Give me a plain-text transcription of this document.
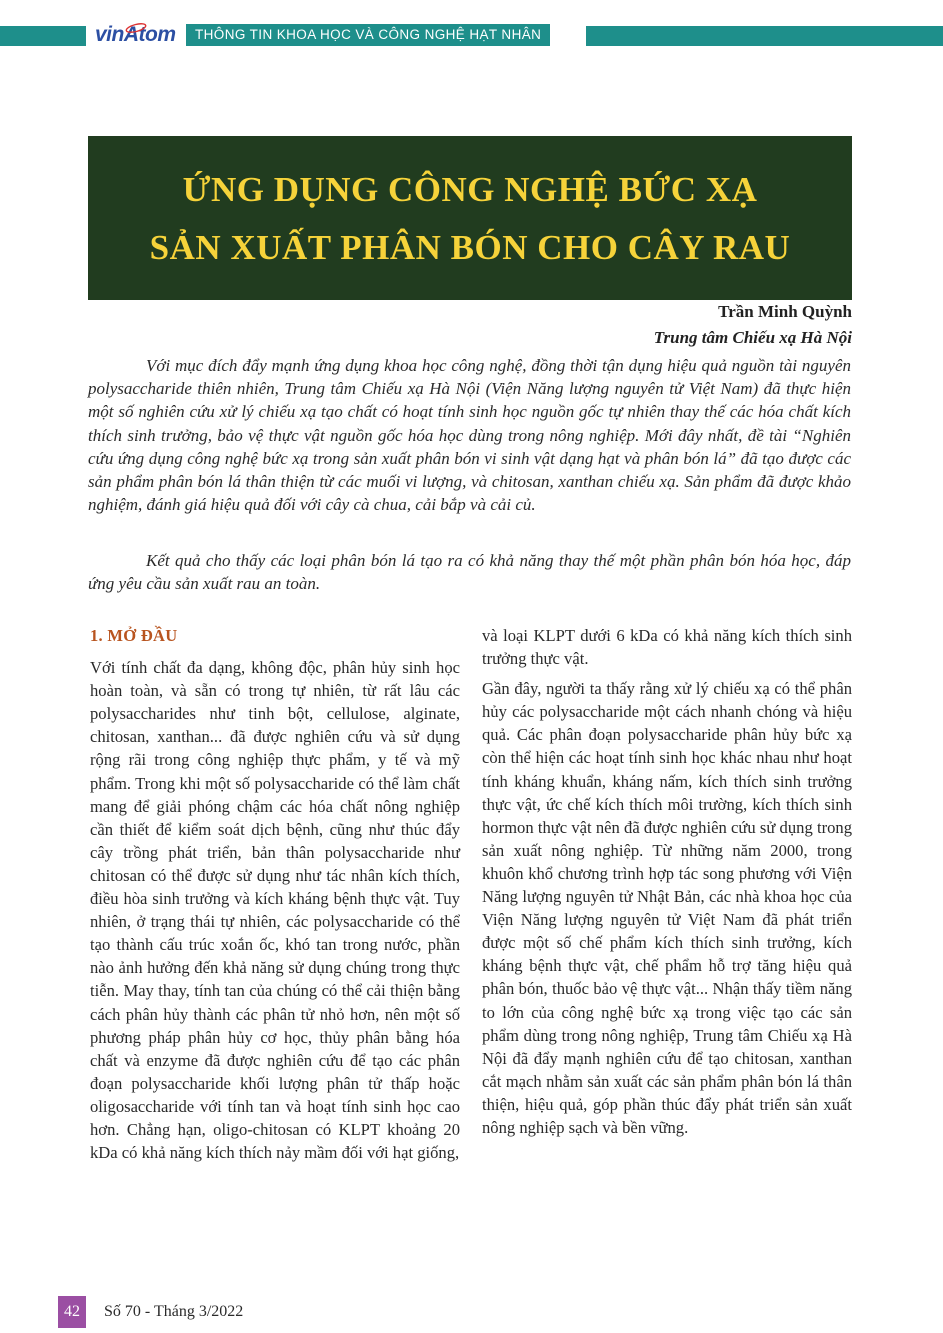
vinAtom	THÔNG TIN KHOA HỌC VÀ CÔNG NGHỆ HẠT NHÂN
ỨNG DỤNG CÔNG NGHỆ BỨC XẠ
SẢN XUẤT PHÂN BÓN CHO CÂY RAU
Trần Minh Quỳnh
Trung tâm Chiếu xạ Hà Nội

Với mục đích đẩy mạnh ứng dụng khoa học công nghệ, đồng thời tận dụng hiệu quả nguồn tài nguyên polysaccharide thiên nhiên, Trung tâm Chiếu xạ Hà Nội (Viện Năng lượng nguyên tử Việt Nam) đã thực hiện một số nghiên cứu xử lý chiếu xạ tạo chất có hoạt tính sinh học nguồn gốc tự nhiên thay thế các hóa chất kích thích sinh trưởng, bảo vệ thực vật nguồn gốc hóa học dùng trong nông nghiệp. Mới đây nhất, đề tài “Nghiên cứu ứng dụng công nghệ bức xạ trong sản xuất phân bón vi sinh vật dạng hạt và phân bón lá” đã tạo được các sản phẩm phân bón lá thân thiện từ các muối vi lượng, và chitosan, xanthan chiếu xạ. Sản phẩm đã được khảo nghiệm, đánh giá hiệu quả đối với cây cà chua, cải bắp và cải củ.

Kết quả cho thấy các loại phân bón lá tạo ra có khả năng thay thế một phần phân bón hóa học, đáp ứng yêu cầu sản xuất rau an toàn.

1. MỞ ĐẦU

Với tính chất đa dạng, không độc, phân hủy sinh học hoàn toàn, và sẵn có trong tự nhiên, từ rất lâu các polysaccharides như tinh bột, cellulose, alginate, chitosan, xanthan... đã được nghiên cứu và sử dụng rộng rãi trong công nghiệp thực phẩm, y tế và mỹ phẩm. Trong khi một số polysaccharide có thể làm chất mang để giải phóng chậm các hóa chất nông nghiệp cần thiết để kiểm soát dịch bệnh, cũng như thúc đẩy cây trồng phát triển, bản thân polysaccharide như chitosan có thể được sử dụng như tác nhân kích thích, điều hòa sinh trưởng và kích kháng bệnh thực vật. Tuy nhiên, ở trạng thái tự nhiên, các polysaccharide có thể tạo thành cấu trúc xoắn ốc, khó tan trong nước, phần nào ảnh hưởng đến khả năng sử dụng chúng trong thực tiễn. May thay, tính tan của chúng có thể cải thiện bằng cách phân hủy thành các phân tử nhỏ hơn, nên một số phương pháp phân hủy cơ học, thủy phân bằng hóa chất và enzyme đã được nghiên cứu để tạo các phân đoạn polysaccharide khối lượng phân tử thấp hoặc oligosaccharide với tính tan và hoạt tính sinh học cao hơn. Chẳng hạn, oligo-chitosan có KLPT khoảng 20 kDa có khả năng kích thích nảy mầm đối với hạt giống,

và loại KLPT dưới 6 kDa có khả năng kích thích sinh trưởng thực vật.

Gần đây, người ta thấy rằng xử lý chiếu xạ có thể phân hủy các polysaccharide một cách nhanh chóng và hiệu quả. Các phân đoạn polysaccharide phân hủy bức xạ còn thể hiện các hoạt tính sinh học khác nhau như hoạt tính kháng khuẩn, kháng nấm, kích thích sinh trưởng thực vật, ức chế kích thích môi trường, kích thích sinh hormon thực vật nên đã được nghiên cứu sử dụng trong sản xuất nông nghiệp. Từ những năm 2000, trong khuôn khổ chương trình hợp tác song phương với Viện Năng lượng nguyên tử Nhật Bản, các nhà khoa học của Viện Năng lượng nguyên tử Việt Nam đã phát triển được một số chế phẩm kích thích sinh trưởng, kích kháng bệnh thực vật, chế phẩm hỗ trợ tăng hiệu quả phân bón, thuốc bảo vệ thực vật... Nhận thấy tiềm năng to lớn của công nghệ bức xạ trong việc tạo các sản phẩm dùng trong nông nghiệp, Trung tâm Chiếu xạ Hà Nội đã đẩy mạnh nghiên cứu để tạo chitosan, xanthan cắt mạch nhằm sản xuất các sản phẩm phân bón lá thân thiện, hiệu quả, góp phần thúc đẩy phát triển sản xuất nông nghiệp sạch và bền vững.

42	Số 70 - Tháng 3/2022
